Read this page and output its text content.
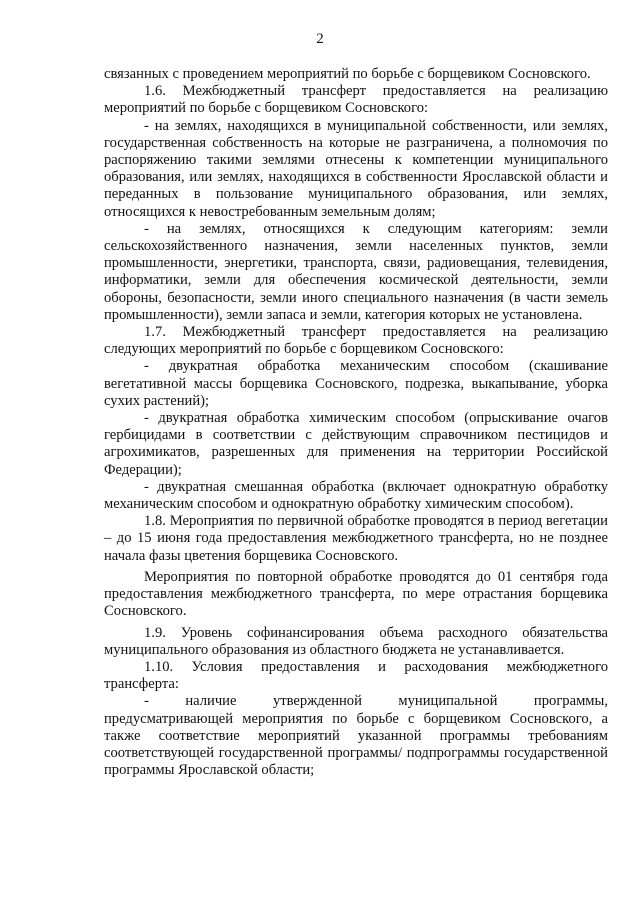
2

связанных с проведением мероприятий по борьбе с борщевиком Сосновского.

1.6. Межбюджетный трансферт предоставляется на реализацию мероприятий по борьбе с борщевиком Сосновского:

- на землях, находящихся в муниципальной собственности, или землях, государственная собственность на которые не разграничена, а полномочия по распоряжению такими землями отнесены к компетенции муниципального образования, или землях, находящихся в собственности Ярославской области и переданных в пользование муниципального образования, или землях, относящихся к невостребованным земельным долям;

- на землях, относящихся к следующим категориям: земли сельскохозяйственного назначения, земли населенных пунктов, земли промышленности, энергетики, транспорта, связи, радиовещания, телевидения, информатики, земли для обеспечения космической деятельности, земли обороны, безопасности, земли иного специального назначения (в части земель промышленности), земли запаса и земли, категория которых не установлена.

1.7. Межбюджетный трансферт предоставляется на реализацию следующих мероприятий по борьбе с борщевиком Сосновского:

- двукратная обработка механическим способом (скашивание вегетативной массы борщевика Сосновского, подрезка, выкапывание, уборка сухих растений);

- двукратная обработка химическим способом (опрыскивание очагов гербицидами в соответствии с действующим справочником пестицидов и агрохимикатов, разрешенных для применения на территории Российской Федерации);

- двукратная смешанная обработка (включает однократную обработку механическим способом и однократную обработку химическим способом).

1.8. Мероприятия по первичной обработке проводятся в период вегетации – до 15 июня года предоставления межбюджетного трансферта, но не позднее начала фазы цветения борщевика Сосновского.

Мероприятия по повторной обработке проводятся до 01 сентября года предоставления межбюджетного трансферта, по мере отрастания борщевика Сосновского.

1.9. Уровень софинансирования объема расходного обязательства муниципального образования из областного бюджета не устанавливается.

1.10. Условия предоставления и расходования межбюджетного трансферта:

- наличие утвержденной муниципальной программы, предусматривающей мероприятия по борьбе с борщевиком Сосновского, а также соответствие мероприятий указанной программы требованиям соответствующей государственной программы/ подпрограммы государственной программы Ярославской области;
